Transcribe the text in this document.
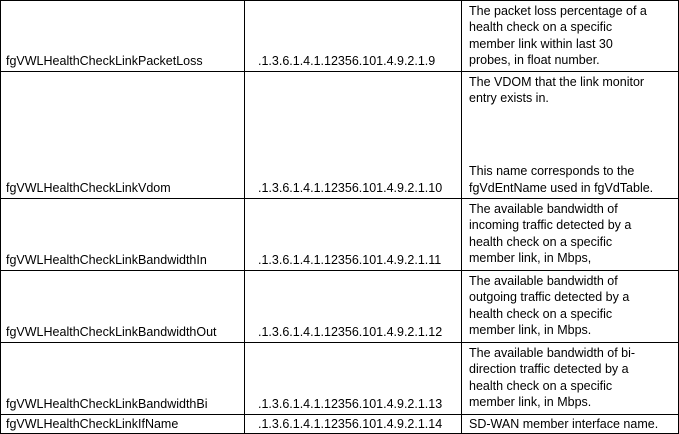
fgVWLHealthCheckLinkPacketLoss	.1.3.6.1.4.1.12356.101.4.9.2.1.9

The packet loss percentage of a

health check on a specific

member link within last 30

probes, in float number.

fgVWLHealthCheckLinkVdom	.1.3.6.1.4.1.12356.101.4.9.2.1.10

The VDOM that the link monitor

entry exists in.

This name corresponds to the

fgVdEntName used in fgVdTable.

fgVWLHealthCheckLinkBandwidthIn	.1.3.6.1.4.1.12356.101.4.9.2.1.11

The available bandwidth of

incoming traffic detected by a

health check on a specific

member link, in Mbps,

fgVWLHealthCheckLinkBandwidthOut	.1.3.6.1.4.1.12356.101.4.9.2.1.12

The available bandwidth of

outgoing traffic detected by a

health check on a specific

member link, in Mbps.

fgVWLHealthCheckLinkBandwidthBi	.1.3.6.1.4.1.12356.101.4.9.2.1.13

The available bandwidth of bi-

direction traffic detected by a

health check on a specific

member link, in Mbps.

fgVWLHealthCheckLinkIfName	.1.3.6.1.4.1.12356.101.4.9.2.1.14 SD-WAN member interface name.
